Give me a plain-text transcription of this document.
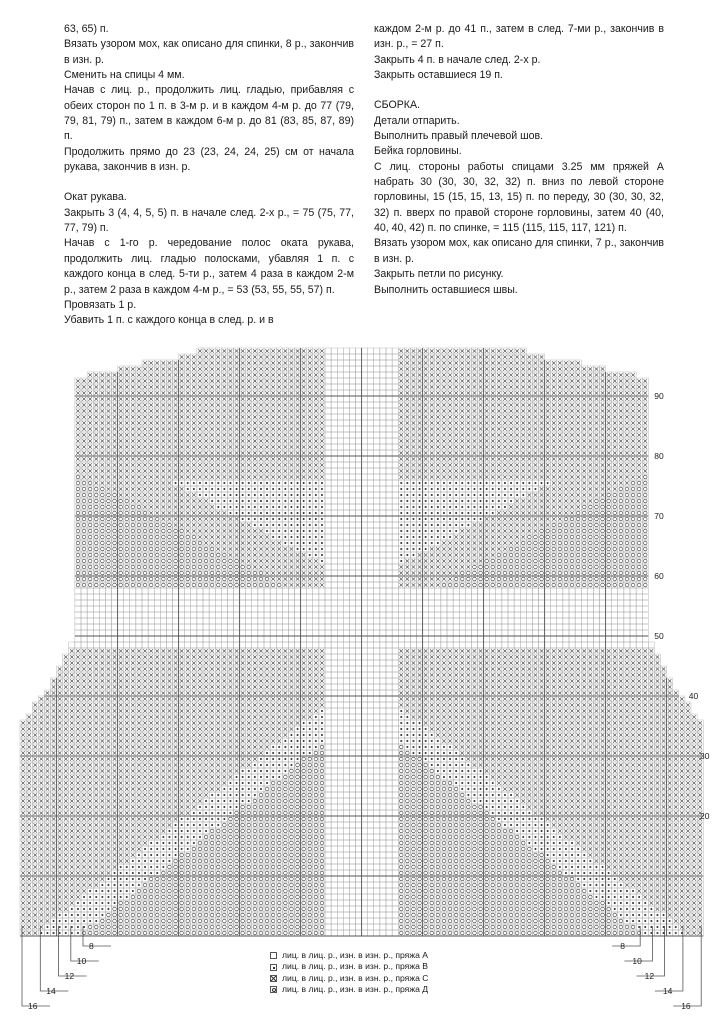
63, 65) п.

Вязать узором мох, как описано для спинки, 8 р., закончив в изн. р.

Сменить на спицы 4 мм.

Начав с лиц. р., продолжить лиц. гладью, прибавляя с обеих сторон по 1 п. в 3-м р. и в каждом 4-м р. до 77 (79, 79, 81, 79) п., затем в каждом 6-м р. до 81 (83, 85, 87, 89) п.

Продолжить прямо до 23 (23, 24, 24, 25) см от начала рукава, закончив в изн. р.

Окат рукава.

Закрыть 3 (4, 4, 5, 5) п. в начале след. 2-х р., = 75 (75, 77, 77, 79) п.

Начав с 1-го р. чередование полос оката рукава, продолжить лиц. гладью полосками, убавляя 1 п. с каждого конца в след. 5-ти р., затем 4 раза в каждом 2-м р., затем 2 раза в каждом 4-м р., = 53 (53, 55, 55, 57) п.

Провязать 1 р.

Убавить 1 п. с каждого конца в след. р. и в

каждом 2-м р. до 41 п., затем в след. 7-ми р., закончив в изн. р., = 27 п.

Закрыть 4 п. в начале след. 2-х р.

Закрыть оставшиеся 19 п.

СБОРКА.

Детали отпарить.

Выполнить правый плечевой шов.

Бейка горловины.

С лиц. стороны работы спицами 3.25 мм пряжей А набрать 30 (30, 30, 32, 32) п. вниз по левой стороне горловины, 15 (15, 15, 13, 15) п. по переду, 30 (30, 30, 32, 32) п. вверх по правой стороне горловины, затем 40 (40, 40, 40, 42) п. по спинке, = 115 (115, 115, 117, 121) п.

Вязать узором мох, как описано для спинки, 7 р., закончив в изн. р.

Закрыть петли по рисунку.

Выполнить оставшиеся швы.

8	8
10	10
12	12
14	14
16	16
90
80
70
60
50
40
30
20
лиц. в лиц. р., изн. в изн. р., пряжа А
лиц. в лиц. р., изн. в изн. р., пряжа В
лиц. в лиц. р., изн. в изн. р., пряжа С
лиц. в лиц. р., изн. в изн. р., пряжа Д
